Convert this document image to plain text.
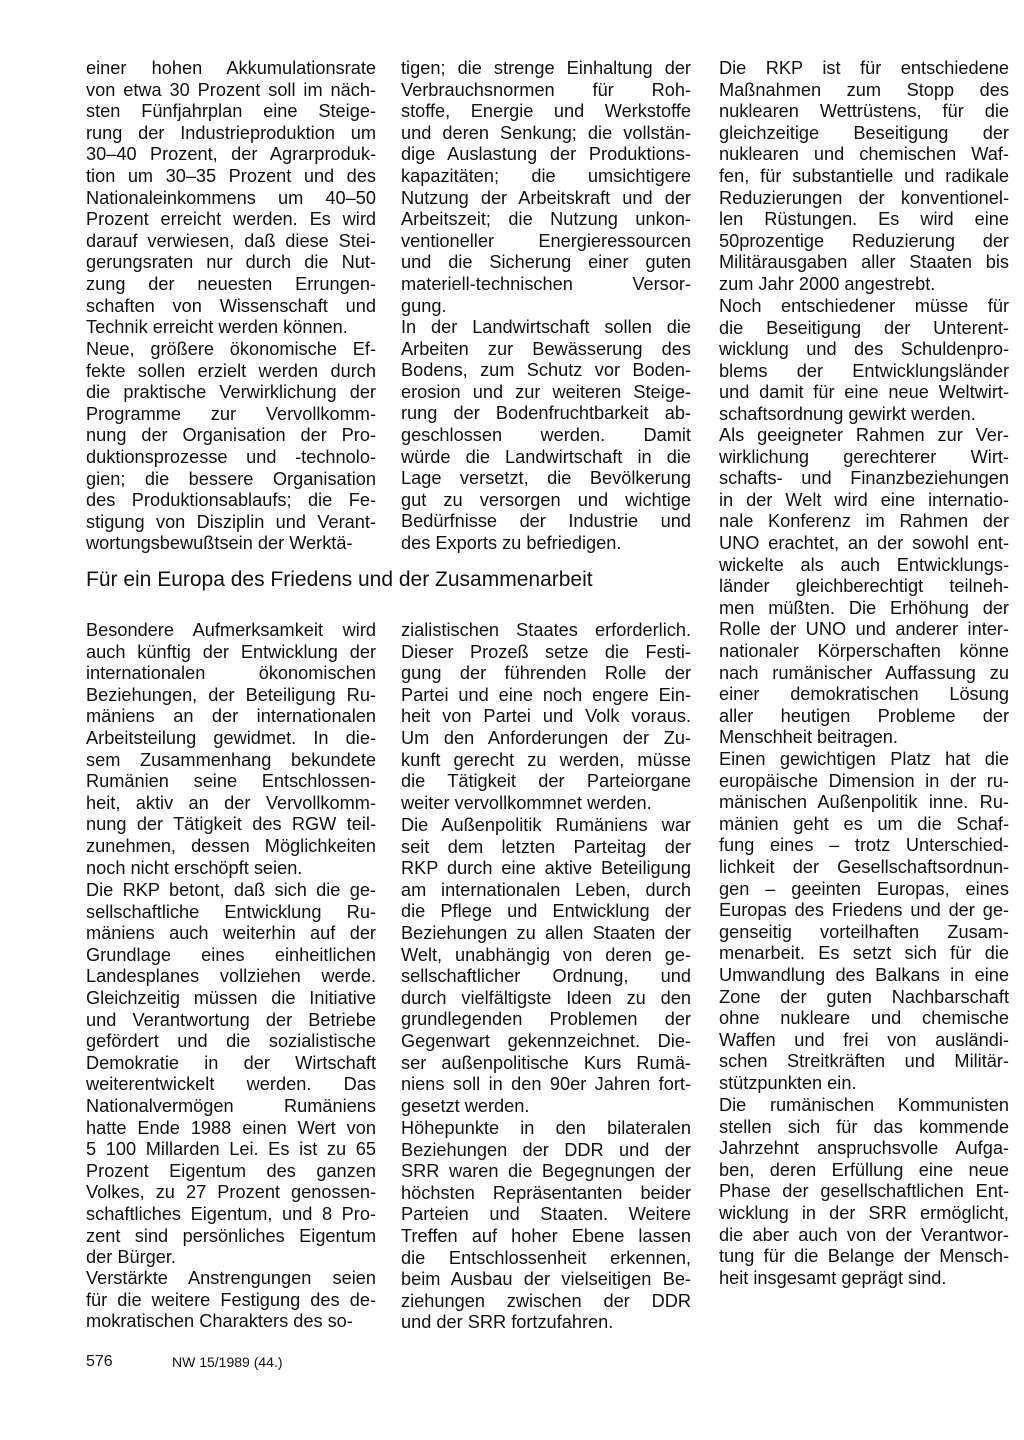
einer hohen Akkumulationsrate
von etwa 30 Prozent soll im näch-
sten Fünfjahrplan eine Steige-
rung der Industrieproduktion um
30–40 Prozent, der Agrarproduk-
tion um 30–35 Prozent und des
Nationaleinkommens um 40–50
Prozent erreicht werden. Es wird
darauf verwiesen, daß diese Stei-
gerungsraten nur durch die Nut-
zung der neuesten Errungen-
schaften von Wissenschaft und
Technik erreicht werden können.
Neue, größere ökonomische Ef-
fekte sollen erzielt werden durch
die praktische Verwirklichung der
Programme zur Vervollkomm-
nung der Organisation der Pro-
duktionsprozesse und -technolo-
gien; die bessere Organisation
des Produktionsablaufs; die Fe-
stigung von Disziplin und Verant-
wortungsbewußtsein der Werktä-
tigen; die strenge Einhaltung der
Verbrauchsnormen für Roh-
stoffe, Energie und Werkstoffe
und deren Senkung; die vollstän-
dige Auslastung der Produktions-
kapazitäten; die umsichtigere
Nutzung der Arbeitskraft und der
Arbeitszeit; die Nutzung unkon-
ventioneller Energieressourcen
und die Sicherung einer guten
materiell-technischen Versor-
gung.
In der Landwirtschaft sollen die
Arbeiten zur Bewässerung des
Bodens, zum Schutz vor Boden-
erosion und zur weiteren Steige-
rung der Bodenfruchtbarkeit ab-
geschlossen werden. Damit
würde die Landwirtschaft in die
Lage versetzt, die Bevölkerung
gut zu versorgen und wichtige
Bedürfnisse der Industrie und
des Exports zu befriedigen.
Die RKP ist für entschiedene
Maßnahmen zum Stopp des
nuklearen Wettrüstens, für die
gleichzeitige Beseitigung der
nuklearen und chemischen Waf-
fen, für substantielle und radikale
Reduzierungen der konventionel-
len Rüstungen. Es wird eine
50prozentige Reduzierung der
Militärausgaben aller Staaten bis
zum Jahr 2000 angestrebt.
Noch entschiedener müsse für
die Beseitigung der Unterent-
wicklung und des Schuldenpro-
blems der Entwicklungsländer
und damit für eine neue Weltwirt-
schaftsordnung gewirkt werden.
Als geeigneter Rahmen zur Ver-
wirklichung gerechterer Wirt-
schafts- und Finanzbeziehungen
in der Welt wird eine internatio-
nale Konferenz im Rahmen der
UNO erachtet, an der sowohl ent-
wickelte als auch Entwicklungs-
länder gleichberechtigt teilneh-
men müßten. Die Erhöhung der
Rolle der UNO und anderer inter-
nationaler Körperschaften könne
nach rumänischer Auffassung zu
einer demokratischen Lösung
aller heutigen Probleme der
Menschheit beitragen.
Einen gewichtigen Platz hat die
europäische Dimension in der ru-
mänischen Außenpolitik inne. Ru-
mänien geht es um die Schaf-
fung eines – trotz Unterschied-
lichkeit der Gesellschaftsordnun-
gen – geeinten Europas, eines
Europas des Friedens und der ge-
genseitig vorteilhaften Zusam-
menarbeit. Es setzt sich für die
Umwandlung des Balkans in eine
Zone der guten Nachbarschaft
ohne nukleare und chemische
Waffen und frei von ausländi-
schen Streitkräften und Militär-
stützpunkten ein.
Die rumänischen Kommunisten
stellen sich für das kommende
Jahrzehnt anspruchsvolle Aufga-
ben, deren Erfüllung eine neue
Phase der gesellschaftlichen Ent-
wicklung in der SRR ermöglicht,
die aber auch von der Verantwor-
tung für die Belange der Mensch-
heit insgesamt geprägt sind.
Für ein Europa des Friedens und der Zusammenarbeit
Besondere Aufmerksamkeit wird
auch künftig der Entwicklung der
internationalen ökonomischen
Beziehungen, der Beteiligung Ru-
mäniens an der internationalen
Arbeitsteilung gewidmet. In die-
sem Zusammenhang bekundete
Rumänien seine Entschlossen-
heit, aktiv an der Vervollkomm-
nung der Tätigkeit des RGW teil-
zunehmen, dessen Möglichkeiten
noch nicht erschöpft seien.
Die RKP betont, daß sich die ge-
sellschaftliche Entwicklung Ru-
mäniens auch weiterhin auf der
Grundlage eines einheitlichen
Landesplanes vollziehen werde.
Gleichzeitig müssen die Initiative
und Verantwortung der Betriebe
gefördert und die sozialistische
Demokratie in der Wirtschaft
weiterentwickelt werden. Das
Nationalvermögen Rumäniens
hatte Ende 1988 einen Wert von
5 100 Millarden Lei. Es ist zu 65
Prozent Eigentum des ganzen
Volkes, zu 27 Prozent genossen-
schaftliches Eigentum, und 8 Pro-
zent sind persönliches Eigentum
der Bürger.
Verstärkte Anstrengungen seien
für die weitere Festigung des de-
mokratischen Charakters des so-
zialistischen Staates erforderlich.
Dieser Prozeß setze die Festi-
gung der führenden Rolle der
Partei und eine noch engere Ein-
heit von Partei und Volk voraus.
Um den Anforderungen der Zu-
kunft gerecht zu werden, müsse
die Tätigkeit der Parteiorgane
weiter vervollkommnet werden.
Die Außenpolitik Rumäniens war
seit dem letzten Parteitag der
RKP durch eine aktive Beteiligung
am internationalen Leben, durch
die Pflege und Entwicklung der
Beziehungen zu allen Staaten der
Welt, unabhängig von deren ge-
sellschaftlicher Ordnung, und
durch vielfältigste Ideen zu den
grundlegenden Problemen der
Gegenwart gekennzeichnet. Die-
ser außenpolitische Kurs Rumä-
niens soll in den 90er Jahren fort-
gesetzt werden.
Höhepunkte in den bilateralen
Beziehungen der DDR und der
SRR waren die Begegnungen der
höchsten Repräsentanten beider
Parteien und Staaten. Weitere
Treffen auf hoher Ebene lassen
die Entschlossenheit erkennen,
beim Ausbau der vielseitigen Be-
ziehungen zwischen der DDR
und der SRR fortzufahren.
576	NW 15/1989 (44.)
